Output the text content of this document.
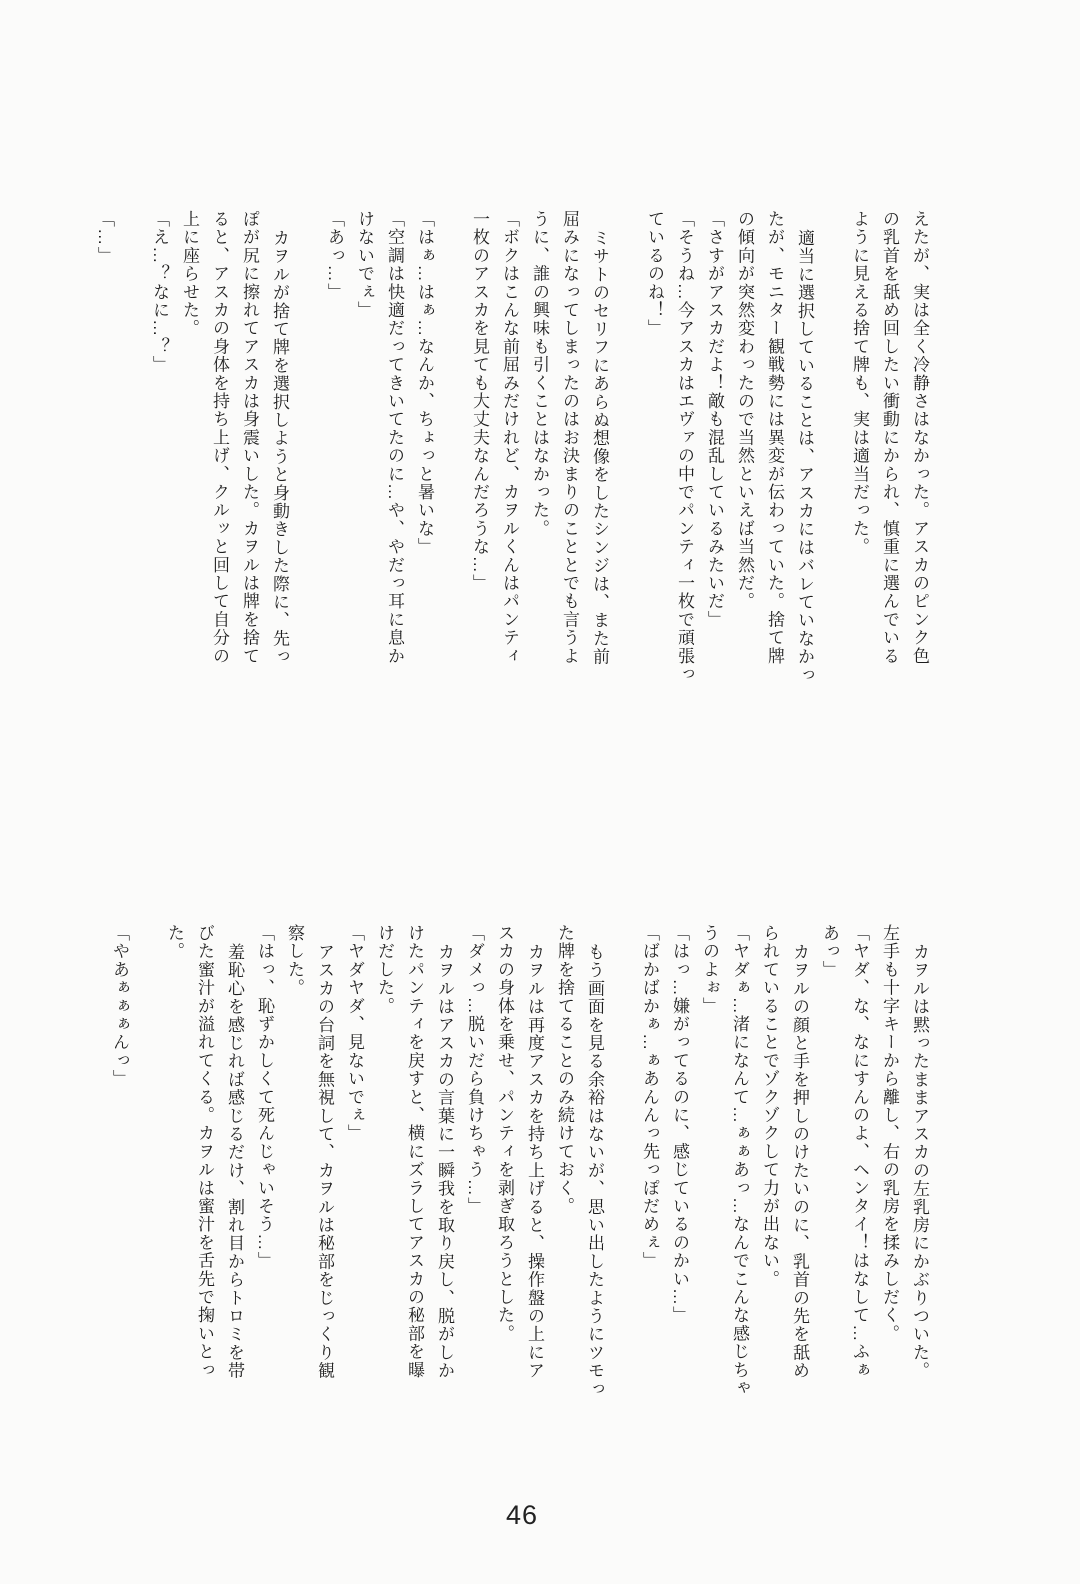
えたが、実は全く冷静さはなかった。アスカのピンク色
の乳首を舐め回したい衝動にかられ、慎重に選んでいる
ように見える捨て牌も、実は適当だった。
適当に選択していることは、アスカにはバレていなかっ
たが、モニター観戦勢には異変が伝わっていた。捨て牌
の傾向が突然変わったので当然といえば当然だ。
「さすがアスカだよ！敵も混乱しているみたいだ」
「そうね…今アスカはエヴァの中でパンティ一枚で頑張っ
ているのね！」
ミサトのセリフにあらぬ想像をしたシンジは、また前
屈みになってしまったのはお決まりのこととでも言うよ
うに、誰の興味も引くことはなかった。
「ボクはこんな前屈みだけれど、カヲルくんはパンティ
一枚のアスカを見ても大丈夫なんだろうな…」
「はぁ…はぁ…なんか、ちょっと暑いな」
「空調は快適だってきいてたのに…や、やだっ耳に息か
けないでぇ」
「あっ…」
カヲルが捨て牌を選択しようと身動きした際に、先っ
ぽが尻に擦れてアスカは身震いした。カヲルは牌を捨て
ると、アスカの身体を持ち上げ、クルッと回して自分の
上に座らせた。
「え…？なに…？」
「…」
カヲルは黙ったままアスカの左乳房にかぶりついた。
左手も十字キーから離し、右の乳房を揉みしだく。
「ヤダ、な、なにすんのよ、ヘンタイ！はなして…ふぁ
あっ」
カヲルの顔と手を押しのけたいのに、乳首の先を舐め
られていることでゾクゾクして力が出ない。
「ヤダぁ…渚になんて…ぁぁあっ…なんでこんな感じちゃ
うのよぉ」
「はっ…嫌がってるのに、感じているのかい…」
「ばかばかぁ…ぁあんんっ先っぽだめぇ」
もう画面を見る余裕はないが、思い出したようにツモっ
た牌を捨てることのみ続けておく。
カヲルは再度アスカを持ち上げると、操作盤の上にア
スカの身体を乗せ、パンティを剥ぎ取ろうとした。
「ダメっ…脱いだら負けちゃう…」
カヲルはアスカの言葉に一瞬我を取り戻し、脱がしか
けたパンティを戻すと、横にズラしてアスカの秘部を曝
けだした。
「ヤダヤダ、見ないでぇ」
アスカの台詞を無視して、カヲルは秘部をじっくり観
察した。
「はっ、恥ずかしくて死んじゃいそう…」
羞恥心を感じれば感じるだけ、割れ目からトロミを帯
びた蜜汁が溢れてくる。カヲルは蜜汁を舌先で掬いとっ
た。
「やあぁぁぁんっ」
46
